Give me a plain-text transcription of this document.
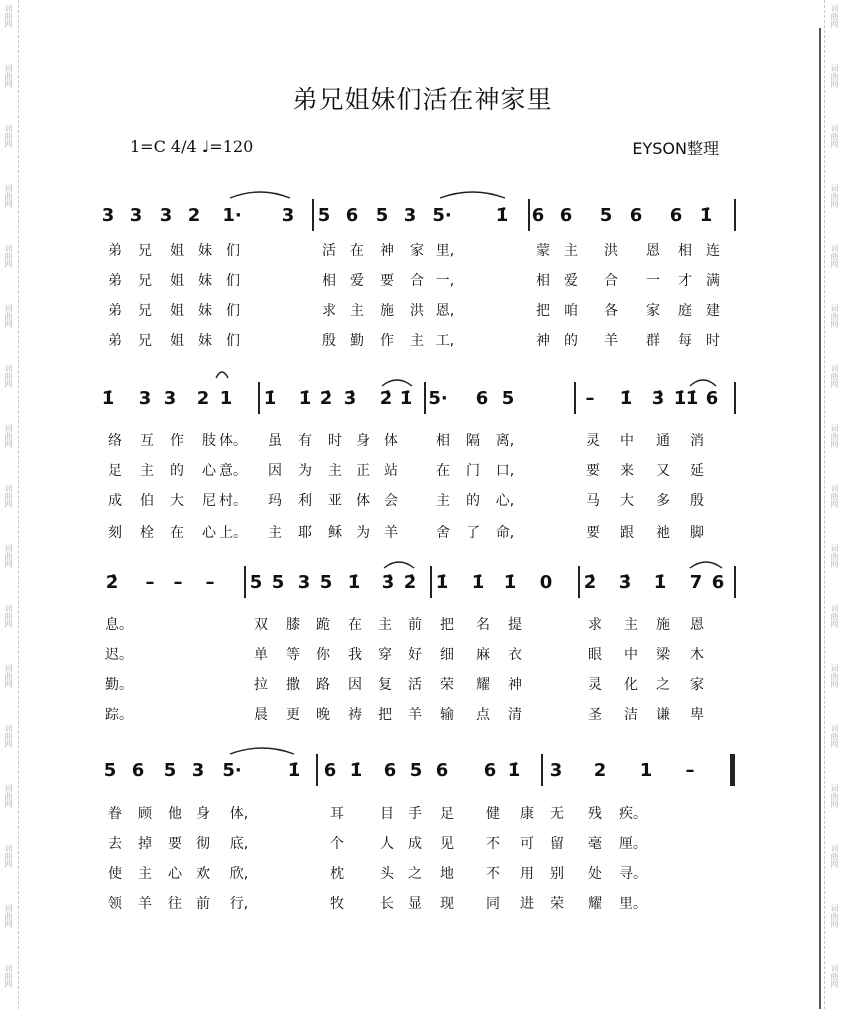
词曲网
词曲网
词曲网
词曲网
词曲网
词曲网
词曲网
词曲网
词曲网
词曲网
词曲网
词曲网
词曲网
词曲网
词曲网
词曲网
词曲网
词曲网
词曲网
词曲网
词曲网
词曲网
词曲网
词曲网
词曲网
词曲网
词曲网
词曲网
词曲网
词曲网
词曲网
词曲网
词曲网
词曲网
弟兄姐妹们活在神家里
1=C 4/4 ♩=120	EYSON整理
3 3 3 2 1· 3 5 6 5 3 5· 1̇ 6 6 5 6 6 1̇
弟	兄	姐	妹	们	活	在	神	家 里,	蒙	主	洪	恩	相	连
弟	兄	姐	妹	们	相	爱	要	合 一,	相	爱	合	一	才	满
弟	兄	姐	妹	们	求	主	施	洪 恩,	把	咱	各	家	庭	建
弟	兄	姐	妹	们	殷	勤	作	主 工,	神	的	羊	群	每	时
1̇ 3 3 2 1 1̇ 1̇ 2̇ 3̇ 2̇ 1̇ 5· 6 5	–	1̇ 3̇ 1̇ 6
1̇
络	互	作	肢 体。	虽	有	时	身	体	相	隔	离,	灵	中	通	消
足	主	的	心 意。	因	为	主	正	站	在	门	口,	要	来	又	延
成	伯	大	尼 村。	玛	利	亚	体	会	主	的	心,	马	大	多	殷
刻	栓	在	心 上。	主	耶	稣	为	羊	舍	了	命,	要	跟	祂	脚
2̇	–	–	–	5 5 3 5 1̇ 3̇ 2̇ 1̇ 1̇ 1̇ 0 2̇ 3̇ 1̇ 7 6
息。	双	膝	跪	在	主	前	把	名	提	求	主	施	恩
迟。	单	等	你	我	穿	好	细	麻	衣	眼	中	梁	木
勤。	拉	撒	路	因	复	活	荣	耀	神	灵	化	之	家
踪。	晨	更	晚	祷	把	羊	输	点	清	圣	洁	谦	卑
5 6 5 3 5·	1̇ 6 1̇ 6 5 6 6 1̇ 3 2 1	–
眷	顾	他	身	体,	耳	目	手	足	健	康	无	残	疾。
去	掉	要	彻	底,	个	人	成	见	不	可	留	毫	厘。
使	主	心	欢	欣,	枕	头	之	地	不	用	别	处	寻。
领	羊	往	前	行,	牧	长	显	现	同	进	荣	耀	里。
